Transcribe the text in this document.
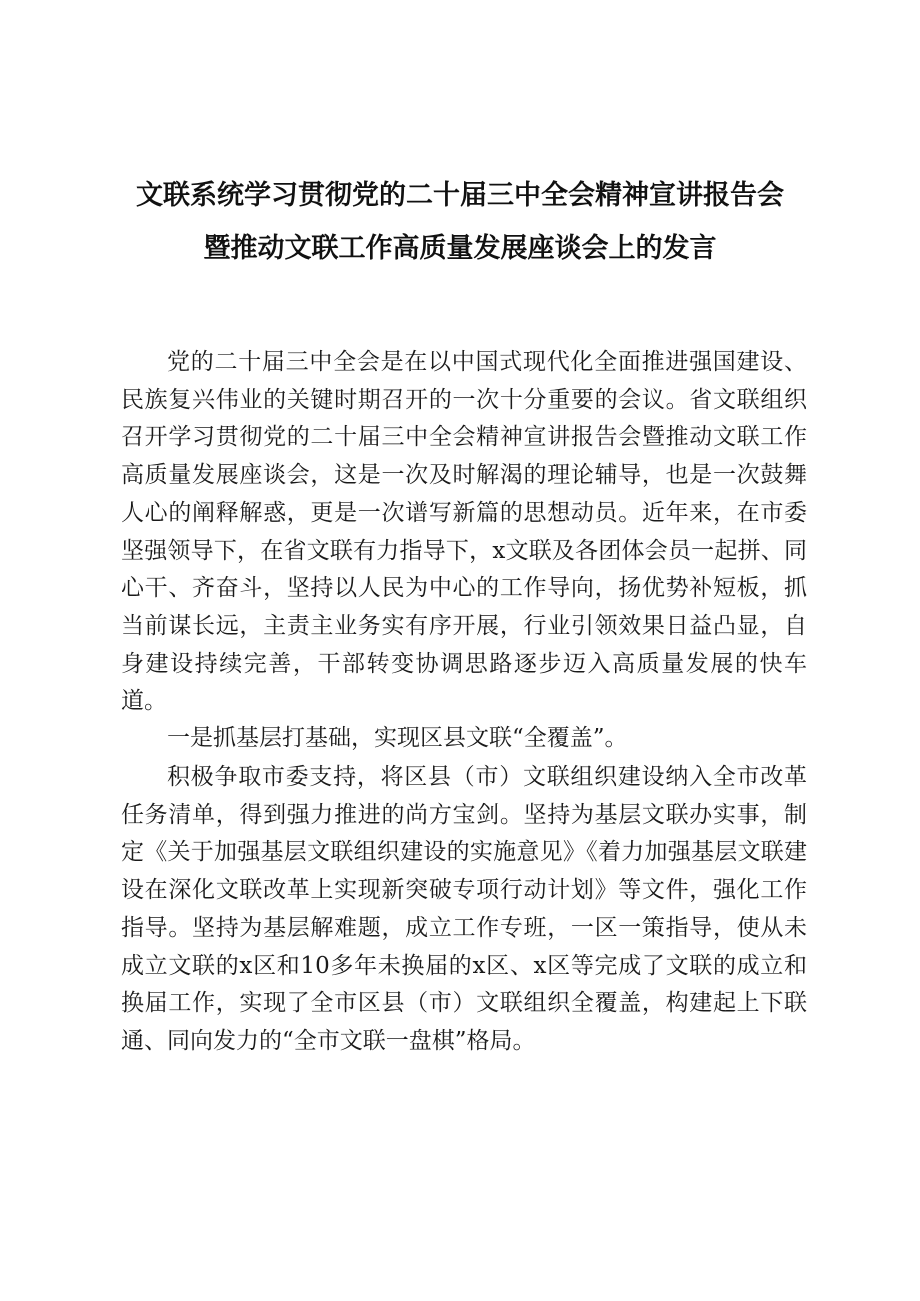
文联系统学习贯彻党的二十届三中全会精神宣讲报告会
暨推动文联工作高质量发展座谈会上的发言

党的二十届三中全会是在以中国式现代化全面推进强国建设、民族复兴伟业的关键时期召开的一次十分重要的会议。省文联组织召开学习贯彻党的二十届三中全会精神宣讲报告会暨推动文联工作高质量发展座谈会，这是一次及时解渴的理论辅导，也是一次鼓舞人心的阐释解惑，更是一次谱写新篇的思想动员。近年来，在市委坚强领导下，在省文联有力指导下，x文联及各团体会员一起拼、同心干、齐奋斗，坚持以人民为中心的工作导向，扬优势补短板，抓当前谋长远，主责主业务实有序开展，行业引领效果日益凸显，自身建设持续完善，干部转变协调思路逐步迈入高质量发展的快车道。

一是抓基层打基础，实现区县文联“全覆盖”。

积极争取市委支持，将区县（市）文联组织建设纳入全市改革任务清单，得到强力推进的尚方宝剑。坚持为基层文联办实事，制定《关于加强基层文联组织建设的实施意见》《着力加强基层文联建设在深化文联改革上实现新突破专项行动计划》等文件，强化工作指导。坚持为基层解难题，成立工作专班，一区一策指导，使从未成立文联的x区和10多年未换届的x区、x区等完成了文联的成立和换届工作，实现了全市区县（市）文联组织全覆盖，构建起上下联通、同向发力的“全市文联一盘棋”格局。
